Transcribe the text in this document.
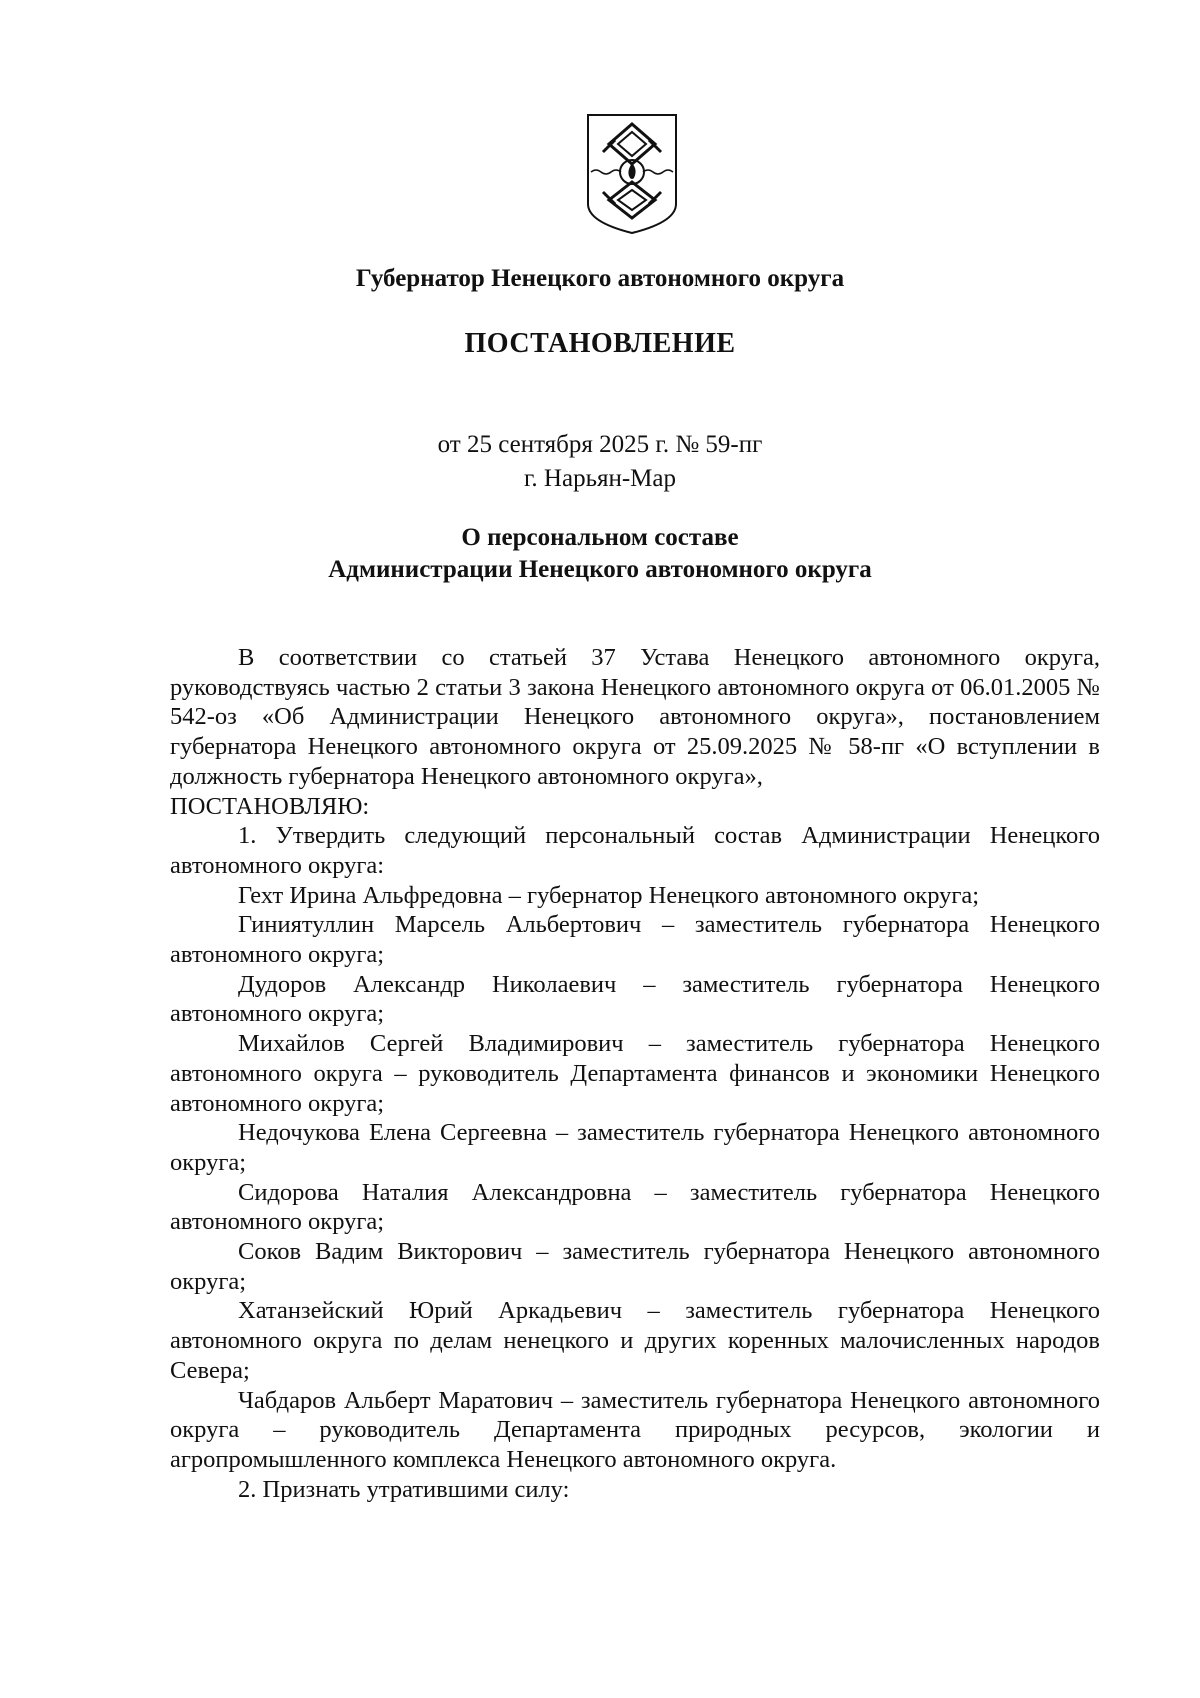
Губернатор Ненецкого автономного округа
ПОСТАНОВЛЕНИЕ
от 25 сентября 2025 г. № 59-пг
г. Нарьян-Мар
О персональном составе
Администрации Ненецкого автономного округа

В соответствии со статьей 37 Устава Ненецкого автономного округа, руководствуясь частью 2 статьи 3 закона Ненецкого автономного округа от 06.01.2005 № 542-оз «Об Администрации Ненецкого автономного округа», постановлением губернатора Ненецкого автономного округа от 25.09.2025 № 58-пг «О вступлении в должность губернатора Ненецкого автономного округа»,

ПОСТАНОВЛЯЮ:

1. Утвердить следующий персональный состав Администрации Ненецкого автономного округа:

Гехт Ирина Альфредовна – губернатор Ненецкого автономного округа;

Гиниятуллин Марсель Альбертович – заместитель губернатора Ненецкого автономного округа;

Дудоров Александр Николаевич – заместитель губернатора Ненецкого автономного округа;

Михайлов Сергей Владимирович – заместитель губернатора Ненецкого автономного округа – руководитель Департамента финансов и экономики Ненецкого автономного округа;

Недочукова Елена Сергеевна – заместитель губернатора Ненецкого автономного округа;

Сидорова Наталия Александровна – заместитель губернатора Ненецкого автономного округа;

Соков Вадим Викторович – заместитель губернатора Ненецкого автономного округа;

Хатанзейский Юрий Аркадьевич – заместитель губернатора Ненецкого автономного округа по делам ненецкого и других коренных малочисленных народов Севера;

Чабдаров Альберт Маратович – заместитель губернатора Ненецкого автономного округа – руководитель Департамента природных ресурсов, экологии и агропромышленного комплекса Ненецкого автономного округа.

2. Признать утратившими силу:
